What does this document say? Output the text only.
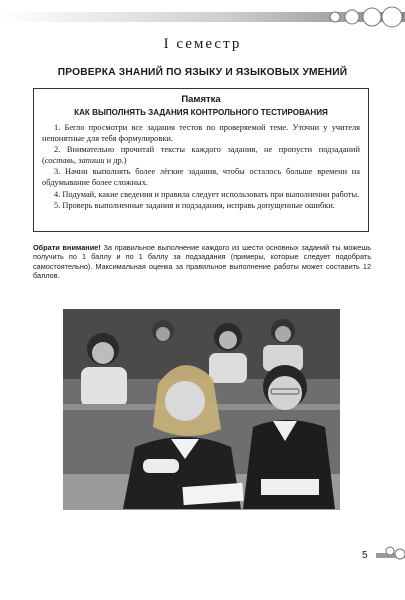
I семестр
ПРОВЕРКА ЗНАНИЙ ПО ЯЗЫКУ И ЯЗЫКОВЫХ УМЕНИЙ
Памятка
КАК ВЫПОЛНЯТЬ ЗАДАНИЯ КОНТРОЛЬНОГО ТЕСТИРОВАНИЯ

1. Бегло просмотри все задания тестов по проверяемой теме. Уточни у учителя непонятные для тебя формулировки.

2. Внимательно прочитай тексты каждого задания, не пропусти подзаданий (составь, запиши и др.)

3. Начни выполнять более лёгкие задания, чтобы осталось больше времени на обдумывание более сложных.

4. Подумай, какие сведения и правила следует использовать при выполнении работы.

5. Проверь выполненные задания и подзадания, исправь допущенные ошибки.

Обрати внимание! За правильное выполнение каждого из шести основных заданий ты можешь получить по 1 баллу и по 1 баллу за подзадания (примеры, которые следует подобрать самостоятельно). Максимальная оценка за правильное выполнение работы может составить 12 баллов.
5
